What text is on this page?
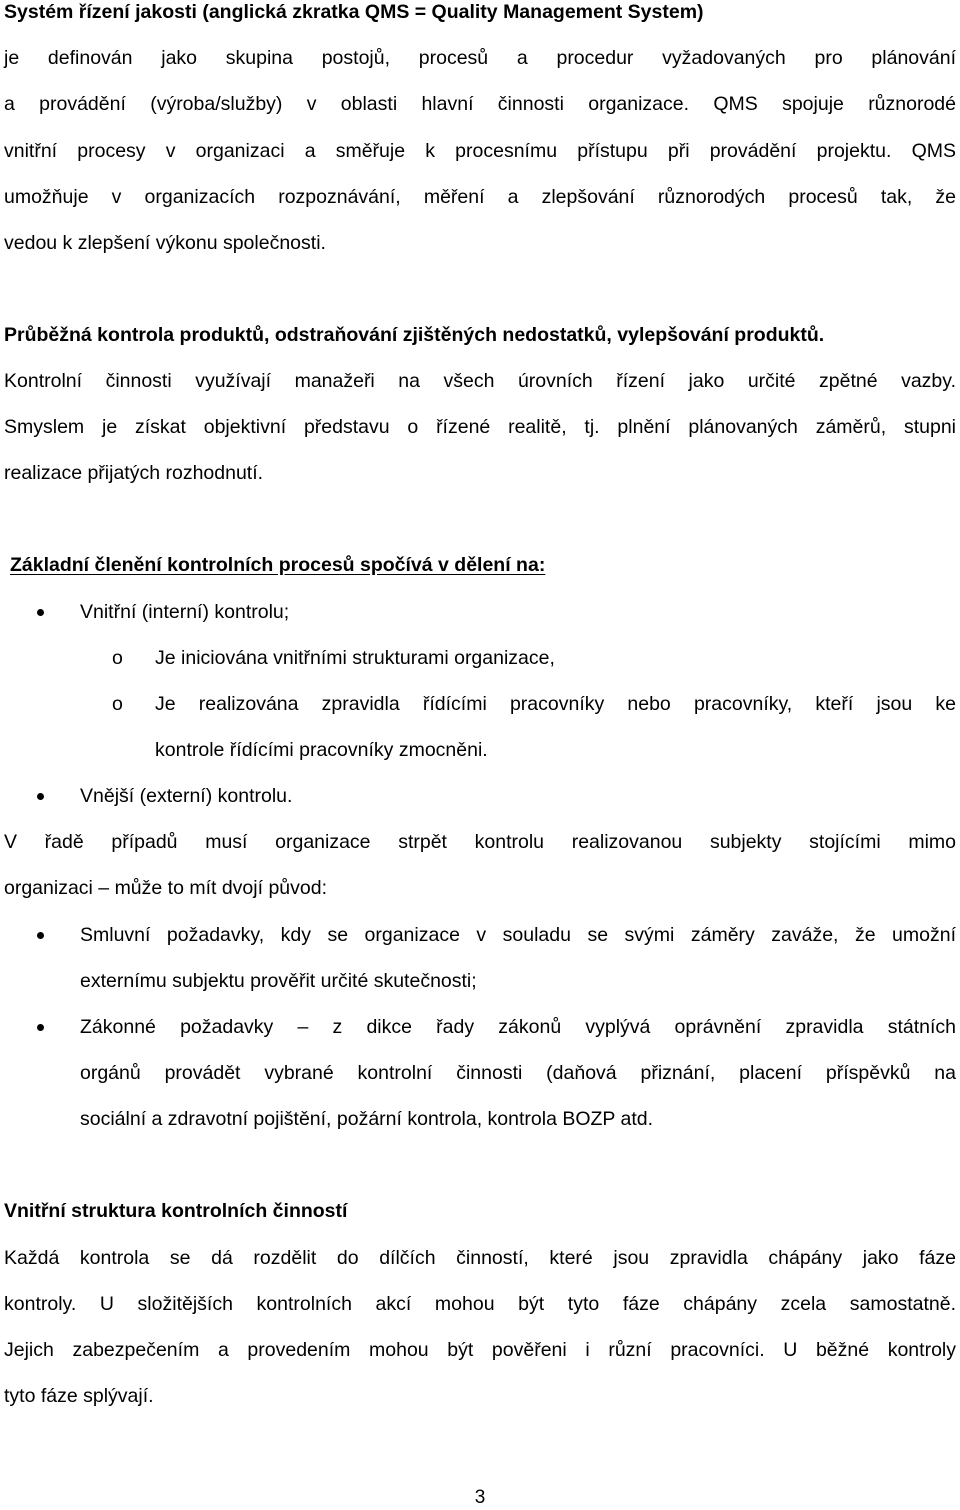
Systém řízení jakosti (anglická zkratka QMS = Quality Management System)

je definován jako skupina postojů, procesů a procedur vyžadovaných pro plánování

a provádění (výroba/služby) v oblasti hlavní činnosti organizace. QMS spojuje různorodé

vnitřní procesy v organizaci a směřuje k procesnímu přístupu při provádění projektu. QMS

umožňuje v organizacích rozpoznávání, měření a zlepšování různorodých procesů tak, že

vedou k zlepšení výkonu společnosti.

Průběžná kontrola produktů, odstraňování zjištěných nedostatků, vylepšování produktů.

Kontrolní činnosti využívají manažeři na všech úrovních řízení jako určité zpětné vazby.

Smyslem je získat objektivní představu o řízené realitě, tj. plnění plánovaných záměrů, stupni

realizace přijatých rozhodnutí.

Základní členění kontrolních procesů spočívá v dělení na:

Vnitřní (interní) kontrolu;

o Je iniciována vnitřními strukturami organizace,

o Je realizována zpravidla řídícími pracovníky nebo pracovníky, kteří jsou ke

kontrole řídícími pracovníky zmocněni.

Vnější (externí) kontrolu.

V řadě případů musí organizace strpět kontrolu realizovanou subjekty stojícími mimo

organizaci – může to mít dvojí původ:

Smluvní požadavky, kdy se organizace v souladu se svými záměry zaváže, že umožní

externímu subjektu prověřit určité skutečnosti;

Zákonné požadavky – z dikce řady zákonů vyplývá oprávnění zpravidla státních

orgánů provádět vybrané kontrolní činnosti (daňová přiznání, placení příspěvků na

sociální a zdravotní pojištění, požární kontrola, kontrola BOZP atd.

Vnitřní struktura kontrolních činností

Každá kontrola se dá rozdělit do dílčích činností, které jsou zpravidla chápány jako fáze

kontroly. U složitějších kontrolních akcí mohou být tyto fáze chápány zcela samostatně.

Jejich zabezpečením a provedením mohou být pověřeni i různí pracovníci. U běžné kontroly

tyto fáze splývají.

3
